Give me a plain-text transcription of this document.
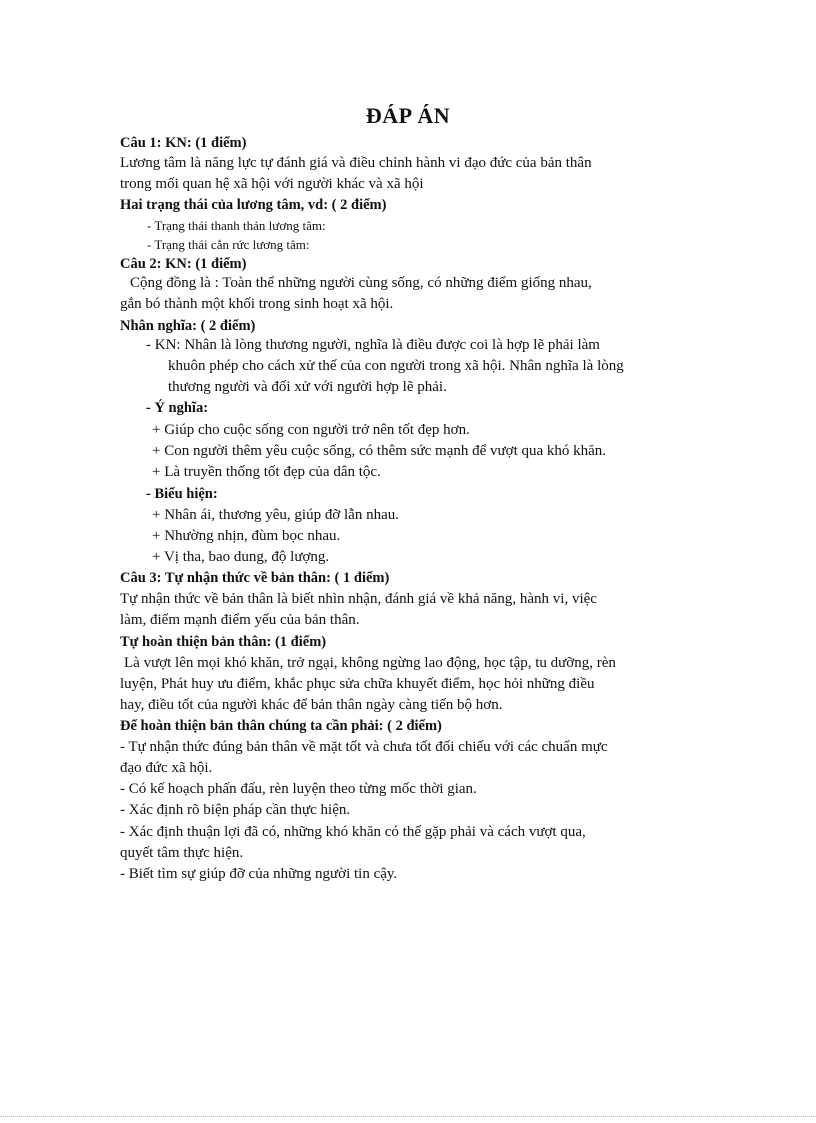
ĐÁP ÁN
Câu 1: KN: (1 điểm)
Lương tâm là năng lực tự đánh giá và điều chỉnh hành vi đạo đức của bản thân
trong mối quan hệ xã hội với người khác và xã hội
Hai trạng thái của lương tâm, vd: ( 2 điểm)
- Trạng thái thanh thản lương tâm:
- Trạng thái cắn rức lương tâm:
Câu 2: KN: (1 điểm)
Cộng đồng là : Toàn thể những người cùng sống, có những điểm giống nhau,
gắn bó thành một khối trong sinh hoạt xã hội.
Nhân nghĩa: ( 2 điểm)
- KN: Nhân là lòng thương người, nghĩa là điều được coi là hợp lẽ phải làm
khuôn phép cho cách xử thế của con người trong xã hội. Nhân nghĩa là lòng
thương người và đối xử với người hợp lẽ phải.
- Ý nghĩa:
+ Giúp cho cuộc sống con người trở nên tốt đẹp hơn.
+ Con người thêm yêu cuộc sống, có thêm sức mạnh để vượt qua khó khăn.
+ Là truyền thống tốt đẹp của dân tộc.
- Biểu hiện:
+ Nhân ái, thương yêu, giúp đỡ lẫn nhau.
+ Nhường nhịn, đùm bọc nhau.
+ Vị tha, bao dung, độ lượng.
Câu 3: Tự nhận thức về bản thân: ( 1 điểm)
Tự nhận thức về bản thân là biết nhìn nhận, đánh giá về khả năng, hành vi, việc
làm, điểm mạnh điểm yếu của bản thân.
Tự hoàn thiện bản thân: (1 điểm)
Là vượt lên mọi khó khăn, trở ngại, không ngừng lao động, học tập, tu dưỡng, rèn
luyện, Phát huy ưu điểm, khắc phục sửa chữa khuyết điểm, học hỏi những điều
hay, điều tốt của người khác để bản thân ngày càng tiến bộ hơn.
Để hoàn thiện bản thân chúng ta cần phải: ( 2 điểm)
- Tự nhận thức đúng bản thân về mặt tốt và chưa tốt đối chiếu với các chuẩn mực
đạo đức xã hội.
- Có kế hoạch phấn đấu, rèn luyện theo từng mốc thời gian.
- Xác định rõ biện pháp cần thực hiện.
- Xác định thuận lợi đã có, những khó khăn có thể gặp phải và cách vượt qua,
quyết tâm thực hiện.
- Biết tìm sự giúp đỡ của những người tin cậy.
